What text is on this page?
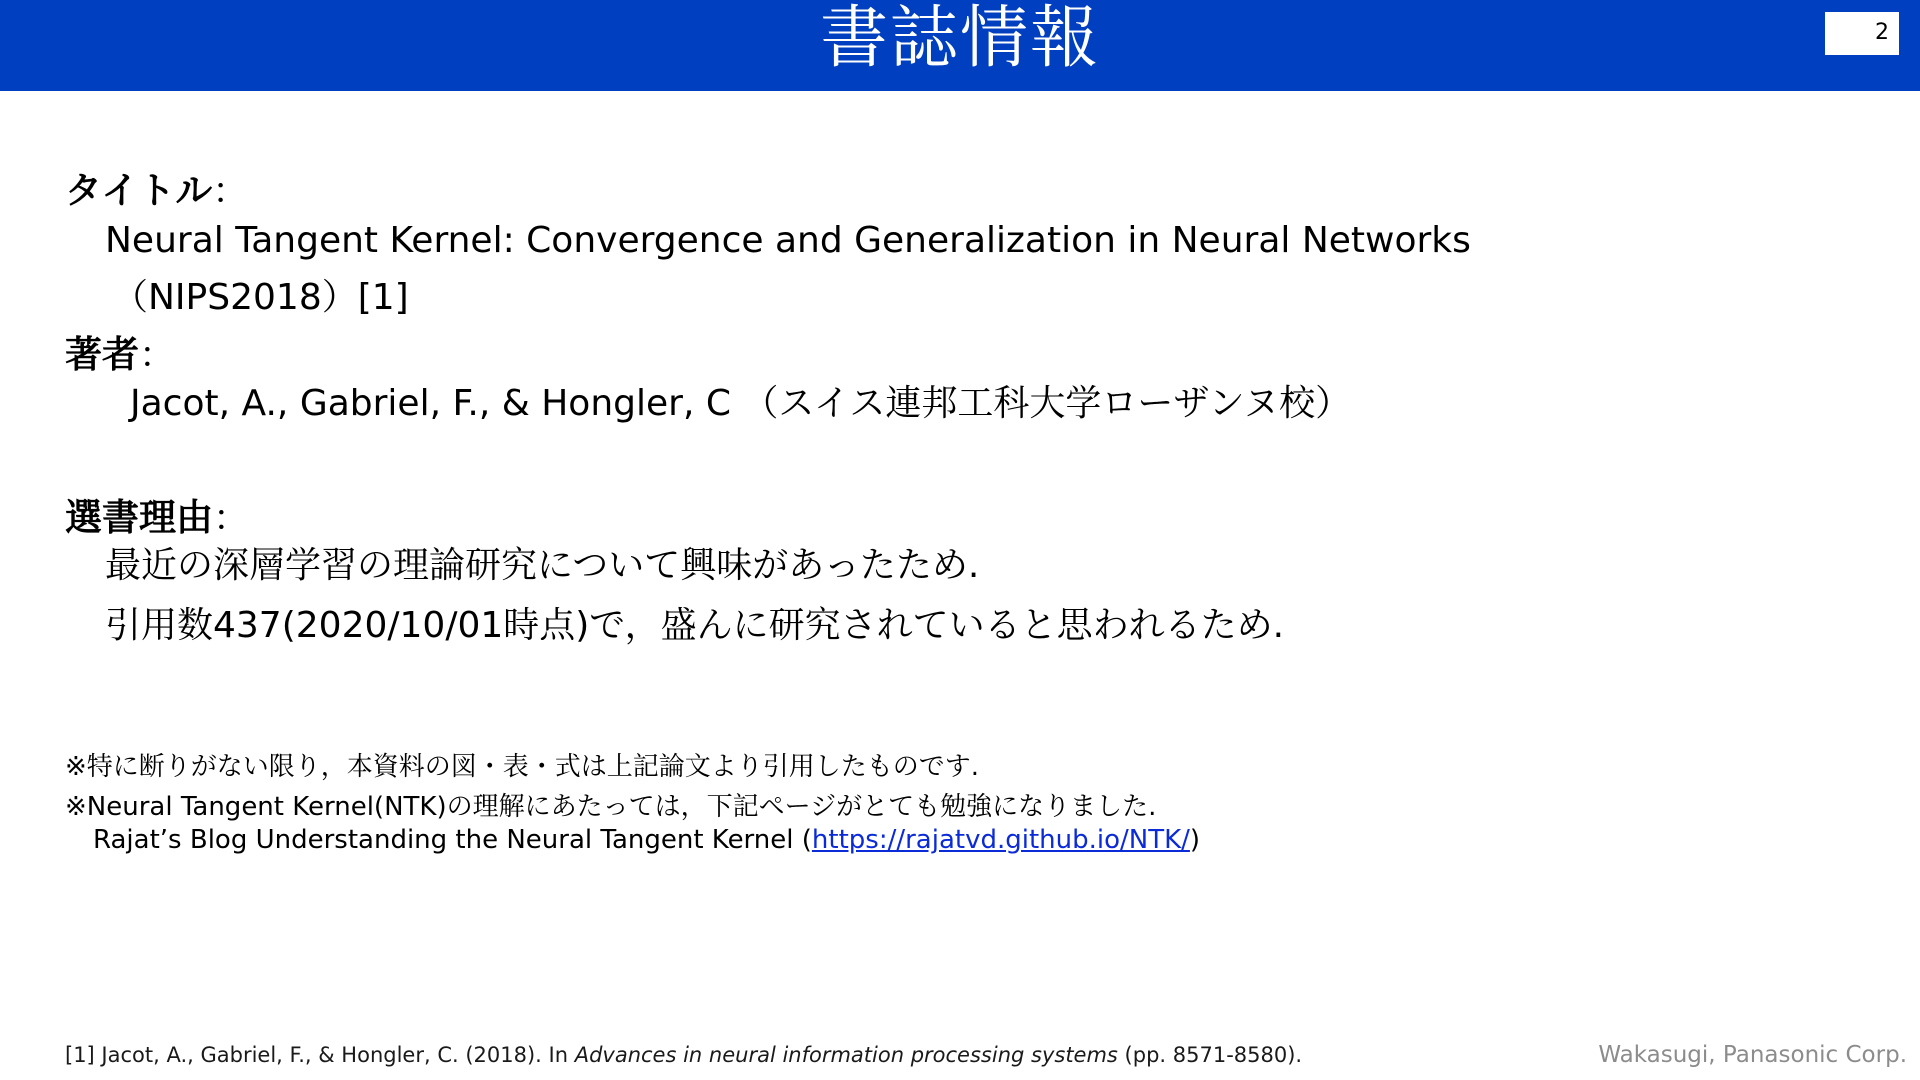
書誌情報	2
タイトル：
Neural Tangent Kernel: Convergence and Generalization in Neural Networks
（NIPS2018）[1]
著者：
Jacot, A., Gabriel, F., & Hongler, C （スイス連邦工科大学ローザンヌ校）
選書理由：
最近の深層学習の理論研究について興味があったため.
引用数437(2020/10/01時点)で，盛んに研究されていると思われるため.
※特に断りがない限り，本資料の図・表・式は上記論文より引用したものです.
※Neural Tangent Kernel(NTK)の理解にあたっては，下記ページがとても勉強になりました.
Rajat’s Blog Understanding the Neural Tangent Kernel (https://rajatvd.github.io/NTK/)
[1] Jacot, A., Gabriel, F., & Hongler, C. (2018). In Advances in neural information processing systems (pp. 8571-8580).	Wakasugi, Panasonic Corp.
